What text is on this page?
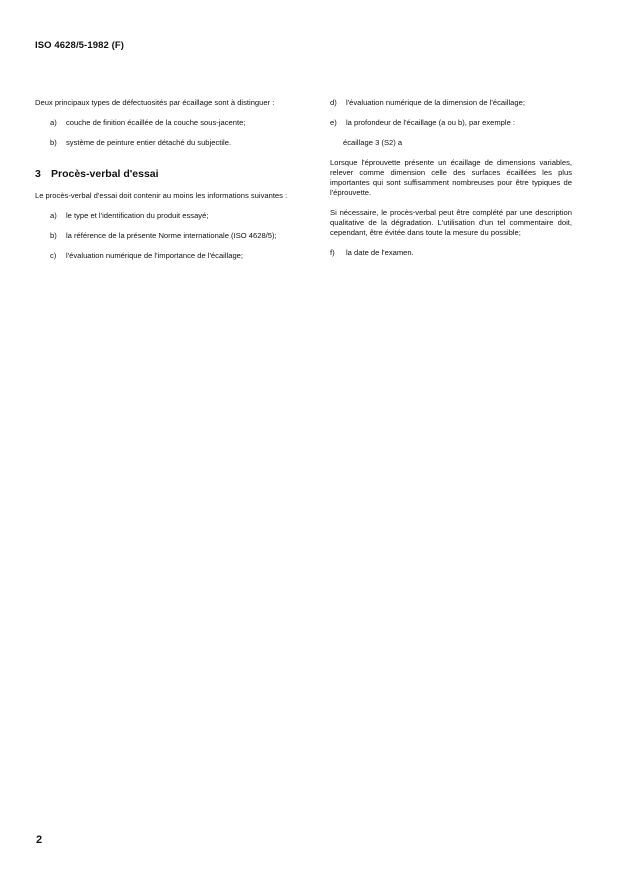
ISO 4628/5-1982 (F)

Deux principaux types de défectuosités par écaillage sont à distinguer :

a)	couche de finition écaillée de la couche sous-jacente;
b)	système de peinture entier détaché du subjectile.
3 Procès-verbal d'essai

Le procès-verbal d'essai doit contenir au moins les informations suivantes :

a)	le type et l'identification du produit essayé;
b)	la référence de la présente Norme internationale (ISO 4628/5);
c)	l'évaluation numérique de l'importance de l'écaillage;
d)	l'évaluation numérique de la dimension de l'écaillage;
e)	la profondeur de l'écaillage (a ou b), par exemple :

écaillage 3 (S2) a

Lorsque l'éprouvette présente un écaillage de dimensions variables, relever comme dimension celle des surfaces écaillées les plus importantes qui sont suffisamment nombreuses pour être typiques de l'éprouvette.

Si nécessaire, le procès-verbal peut être complété par une description qualitative de la dégradation. L'utilisation d'un tel commentaire doit, cependant, être évitée dans toute la mesure du possible;

f)	la date de l'examen.
2
